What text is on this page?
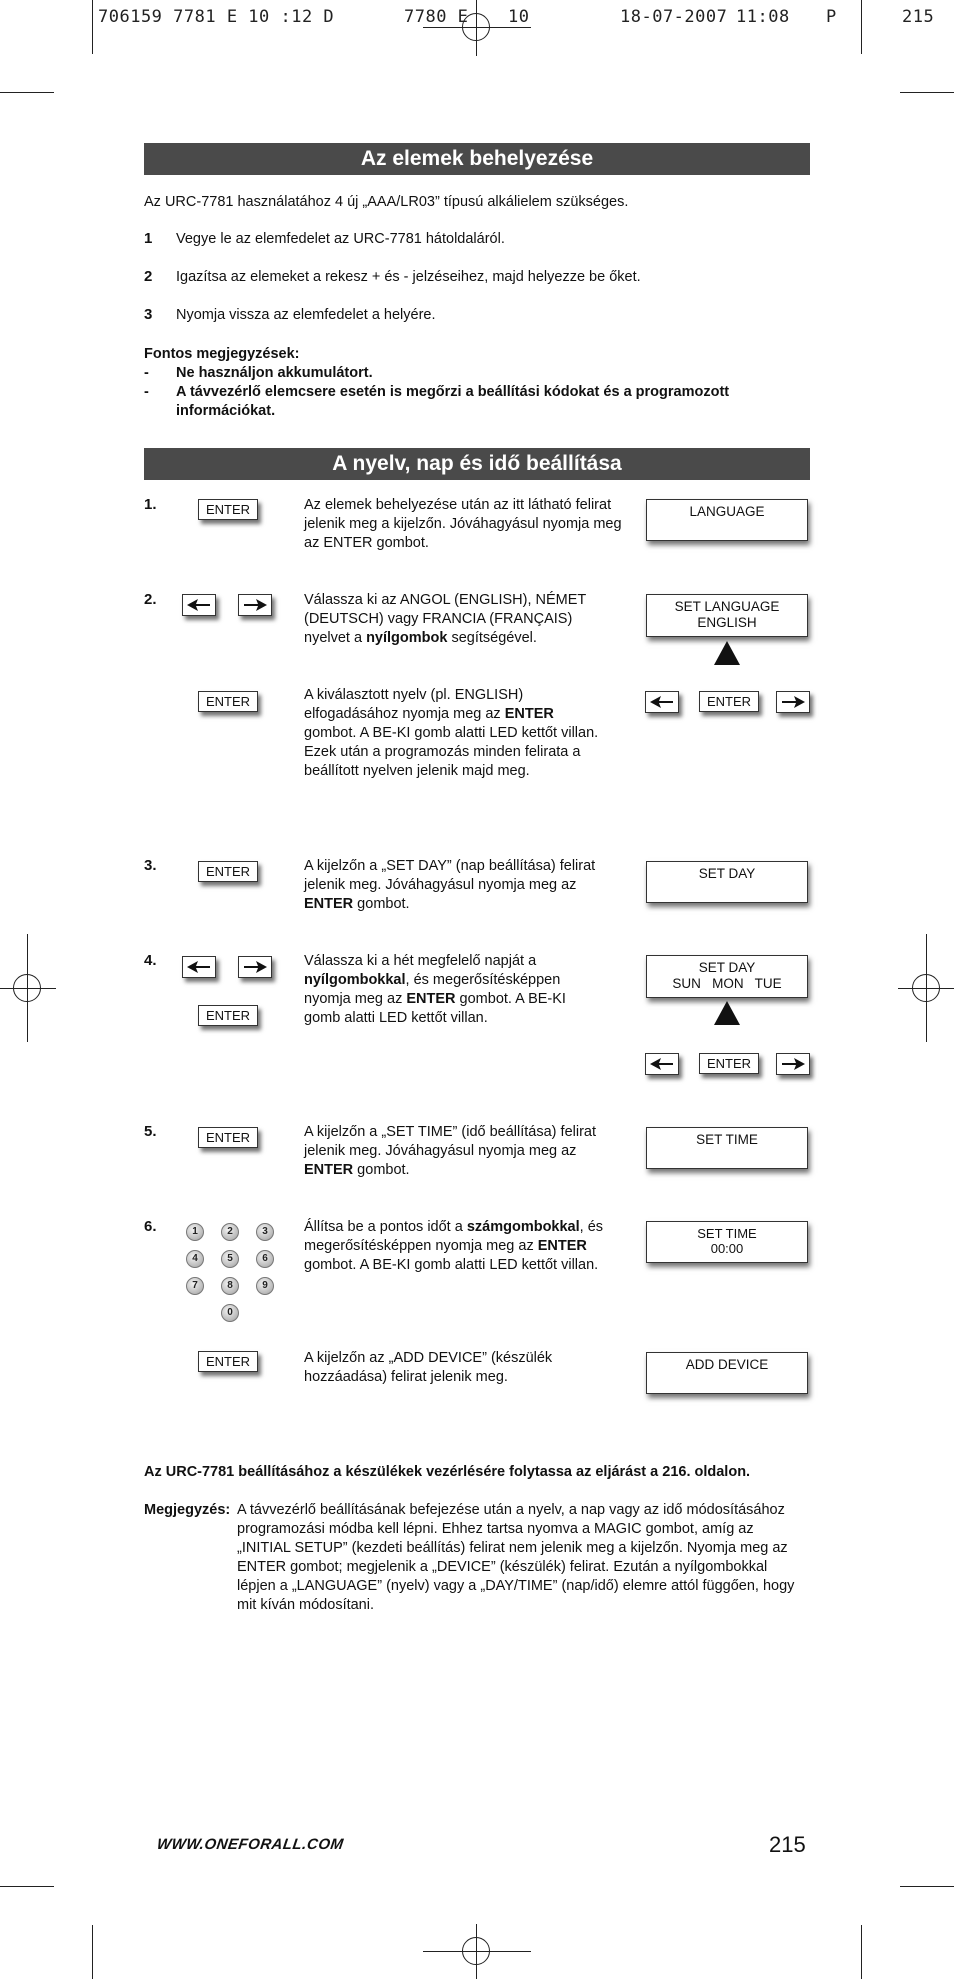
706159 7781 E 10 :12 D	7780 E 10	18-07-2007 11:08 P	215
Az elemek behelyezése
Az URC-7781 használatához 4 új „AAA/LR03” típusú alkálielem szükséges.
1 Vegye le az elemfedelet az URC-7781 hátoldaláról.
2 Igazítsa az elemeket a rekesz + és - jelzéseihez, majd helyezze be őket.
3 Nyomja vissza az elemfedelet a helyére.
Fontos megjegyzések:
- Ne használjon akkumulátort.
- A távvezérlő elemcsere esetén is megőrzi a beállítási kódokat és a programozott információkat.
A nyelv, nap és idő beállítása
1.	ENTER	Az elemek behelyezése után az itt látható felirat jelenik meg a kijelzőn. Jóváhagyásul nyomja meg az ENTER gombot.
LANGUAGE
2.	Válassza ki az ANGOL (ENGLISH), NÉMET (DEUTSCH) vagy FRANCIA (FRANÇAIS) nyelvet a nyílgombok segítségével.
SET LANGUAGE
ENGLISH
ENTER	A kiválasztott nyelv (pl. ENGLISH) elfogadásához nyomja meg az ENTER gombot. A BE-KI gomb alatti LED kettőt villan. Ezek után a programozás minden felirata a beállított nyelven jelenik majd meg.
ENTER
3.	ENTER	A kijelzőn a „SET DAY” (nap beállítása) felirat jelenik meg. Jóváhagyásul nyomja meg az ENTER gombot.
SET DAY
4.
ENTER
Válassza ki a hét megfelelő napját a nyílgombokkal, és megerősítésképpen nyomja meg az ENTER gombot. A BE-KI gomb alatti LED kettőt villan.
SET DAY
SUN   MON   TUE
ENTER
5.	ENTER	A kijelzőn a „SET TIME” (idő beállítása) felirat jelenik meg. Jóváhagyásul nyomja meg az ENTER gombot.
SET TIME
6.	1	2	3
4	5	6
7	8	9
0
Állítsa be a pontos időt a számgombokkal, és megerősítésképpen nyomja meg az ENTER gombot. A BE-KI gomb alatti LED kettőt villan.
SET TIME
00:00
ENTER	A kijelzőn az „ADD DEVICE” (készülék hozzáadása) felirat jelenik meg.
ADD DEVICE
Az URC-7781 beállításához a készülékek vezérlésére folytassa az eljárást a 216. oldalon.
Megjegyzés: A távvezérlő beállításának befejezése után a nyelv, a nap vagy az idő módosításához programozási módba kell lépni. Ehhez tartsa nyomva a MAGIC gombot, amíg az „INITIAL SETUP” (kezdeti beállítás) felirat nem jelenik meg a kijelzőn. Nyomja meg az ENTER gombot; megjelenik a „DEVICE” (készülék) felirat. Ezután a nyílgombokkal lépjen a „LANGUAGE” (nyelv) vagy a „DAY/TIME” (nap/idő) elemre attól függően, hogy mit kíván módosítani.
WWW.ONEFORALL.COM	215
